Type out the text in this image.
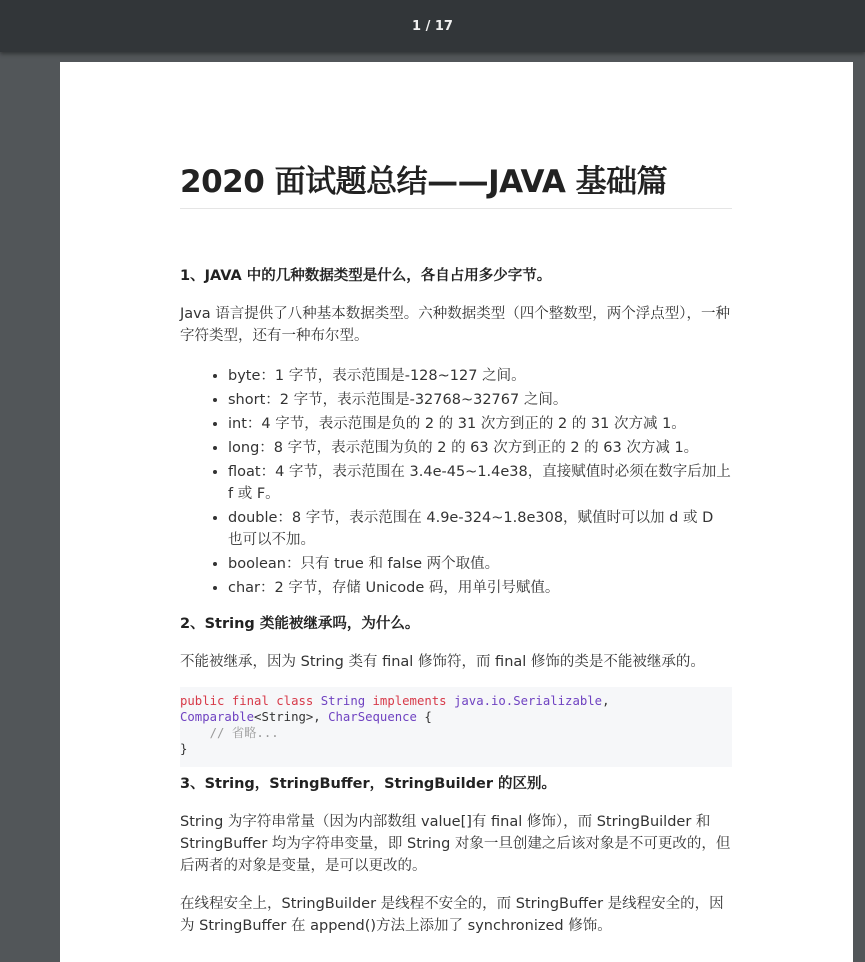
1 / 17
2020 面试题总结——JAVA 基础篇
1、JAVA 中的几种数据类型是什么，各自占用多少字节。

Java 语言提供了八种基本数据类型。六种数据类型（四个整数型，两个浮点型），一种字符类型，还有一种布尔型。

• byte：1 字节，表示范围是-128~127 之间。
• short：2 字节，表示范围是-32768~32767 之间。
• int：4 字节，表示范围是负的 2 的 31 次方到正的 2 的 31 次方减 1。
• long：8 字节，表示范围为负的 2 的 63 次方到正的 2 的 63 次方减 1。
• float：4 字节，表示范围在 3.4e-45~1.4e38，直接赋值时必须在数字后加上 f 或 F。
• double：8 字节，表示范围在 4.9e-324~1.8e308，赋值时可以加 d 或 D 也可以不加。
• boolean：只有 true 和 false 两个取值。
• char：2 字节，存储 Unicode 码，用单引号赋值。
2、String 类能被继承吗，为什么。

不能被继承，因为 String 类有 final 修饰符，而 final 修饰的类是不能被继承的。

public final class String implements java.io.Serializable,
Comparable<String>, CharSequence {
// 省略...
}

3、String，StringBuffer，StringBuilder 的区别。

String 为字符串常量（因为内部数组 value[]有 final 修饰），而 StringBuilder 和 StringBuffer 均为字符串变量，即 String 对象一旦创建之后该对象是不可更改的，但后两者的对象是变量，是可以更改的。

在线程安全上，StringBuilder 是线程不安全的，而 StringBuffer 是线程安全的，因为 StringBuffer 在 append()方法上添加了 synchronized 修饰。
